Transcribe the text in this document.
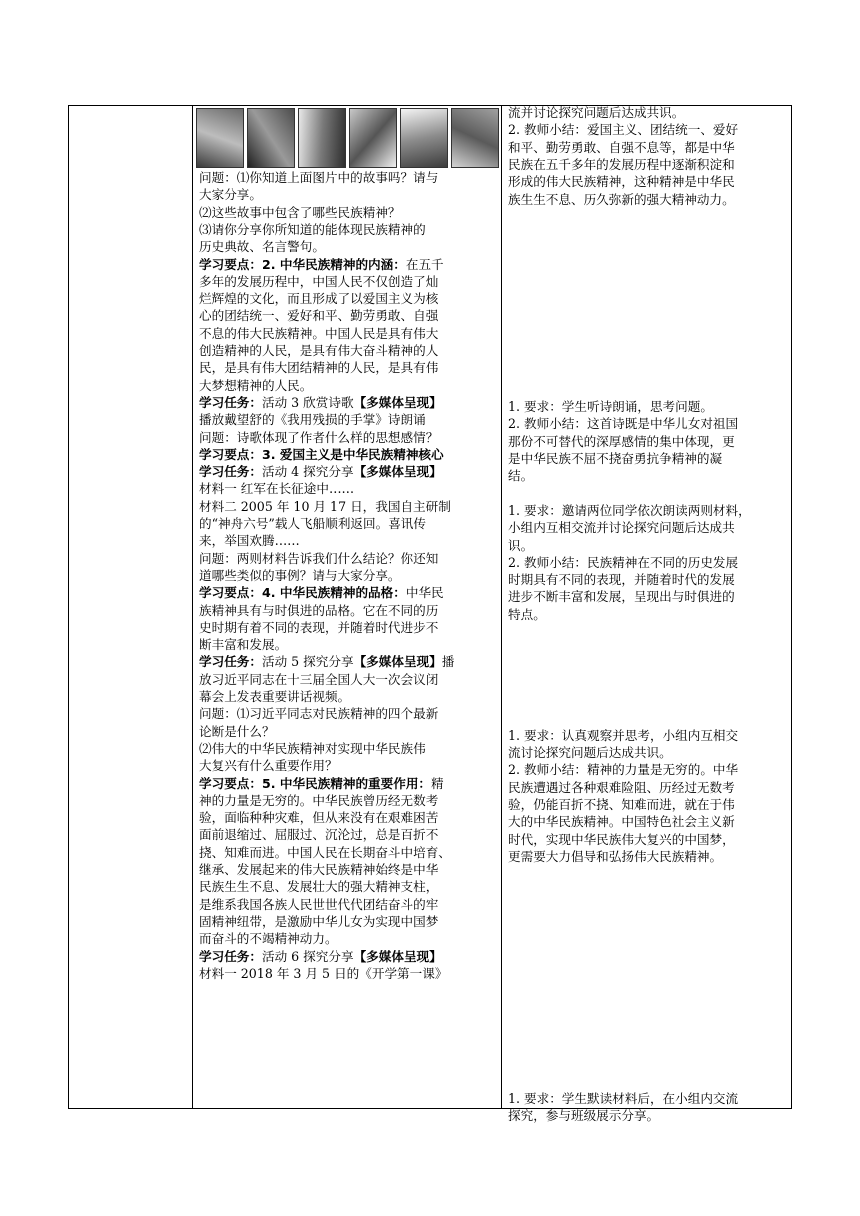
问题：⑴你知道上面图片中的故事吗？请与
大家分享。
⑵这些故事中包含了哪些民族精神？
⑶请你分享你所知道的能体现民族精神的
历史典故、名言警句。
学习要点：2. 中华民族精神的内涵：在五千
多年的发展历程中，中国人民不仅创造了灿
烂辉煌的文化，而且形成了以爱国主义为核
心的团结统一、爱好和平、勤劳勇敢、自强
不息的伟大民族精神。中国人民是具有伟大
创造精神的人民，是具有伟大奋斗精神的人
民，是具有伟大团结精神的人民，是具有伟
大梦想精神的人民。
学习任务：活动 3 欣赏诗歌【多媒体呈现】
播放戴望舒的《我用残损的手掌》诗朗诵
问题：诗歌体现了作者什么样的思想感情？
学习要点：3. 爱国主义是中华民族精神核心
学习任务：活动 4 探究分享【多媒体呈现】
材料一 红军在长征途中……
材料二 2005 年 10 月 17 日，我国自主研制
的“神舟六号”载人飞船顺利返回。喜讯传
来，举国欢腾……
问题：两则材料告诉我们什么结论？你还知
道哪些类似的事例？请与大家分享。
学习要点：4. 中华民族精神的品格：中华民
族精神具有与时俱进的品格。它在不同的历
史时期有着不同的表现，并随着时代进步不
断丰富和发展。
学习任务：活动 5 探究分享【多媒体呈现】播
放习近平同志在十三届全国人大一次会议闭
幕会上发表重要讲话视频。
问题：⑴习近平同志对民族精神的四个最新
论断是什么？
⑵伟大的中华民族精神对实现中华民族伟
大复兴有什么重要作用？
学习要点：5. 中华民族精神的重要作用：精
神的力量是无穷的。中华民族曾历经无数考
验，面临种种灾难，但从来没有在艰难困苦
面前退缩过、屈服过、沉沦过，总是百折不
挠、知难而进。中国人民在长期奋斗中培育、
继承、发展起来的伟大民族精神始终是中华
民族生生不息、发展壮大的强大精神支柱，
是维系我国各族人民世世代代团结奋斗的牢
固精神纽带，是激励中华儿女为实现中国梦
而奋斗的不竭精神动力。
学习任务：活动 6 探究分享【多媒体呈现】
材料一 2018 年 3 月 5 日的《开学第一课》
流并讨论探究问题后达成共识。
2. 教师小结：爱国主义、团结统一、爱好
和平、勤劳勇敢、自强不息等，都是中华
民族在五千多年的发展历程中逐渐积淀和
形成的伟大民族精神，这种精神是中华民
族生生不息、历久弥新的强大精神动力。
1. 要求：学生听诗朗诵，思考问题。
2. 教师小结：这首诗既是中华儿女对祖国
那份不可替代的深厚感情的集中体现，更
是中华民族不屈不挠奋勇抗争精神的凝
结。
1. 要求：邀请两位同学依次朗读两则材料，
小组内互相交流并讨论探究问题后达成共
识。
2. 教师小结：民族精神在不同的历史发展
时期具有不同的表现，并随着时代的发展
进步不断丰富和发展，呈现出与时俱进的
特点。
1. 要求：认真观察并思考，小组内互相交
流讨论探究问题后达成共识。
2. 教师小结：精神的力量是无穷的。中华
民族遭遇过各种艰难险阻、历经过无数考
验，仍能百折不挠、知难而进，就在于伟
大的中华民族精神。中国特色社会主义新
时代，实现中华民族伟大复兴的中国梦，
更需要大力倡导和弘扬伟大民族精神。
1. 要求：学生默读材料后，在小组内交流
探究，参与班级展示分享。
